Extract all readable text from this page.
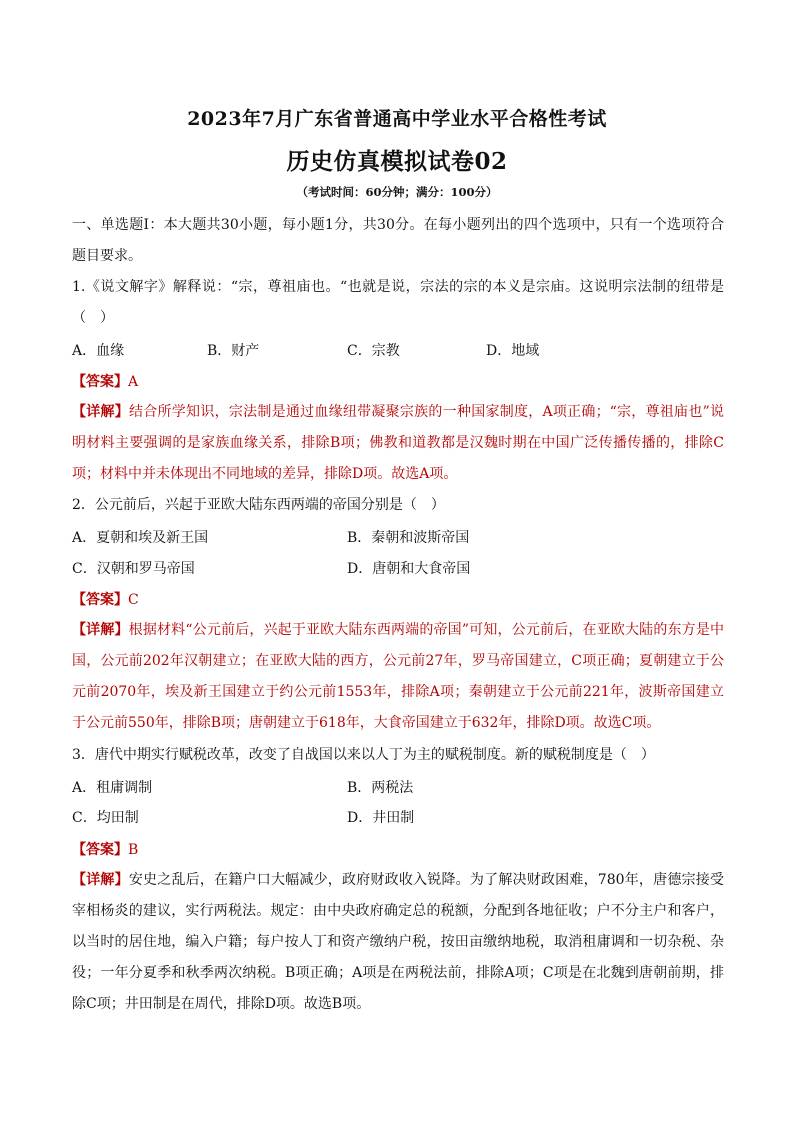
2023年7月广东省普通高中学业水平合格性考试
历史仿真模拟试卷02
（考试时间：60分钟；满分：100分）
一、单选题Ⅰ：本大题共30小题，每小题1分，共30分。在每小题列出的四个选项中，只有一个选项符合题目要求。
1.《说文解字》解释说：“宗，尊祖庙也。“也就是说，宗法的宗的本义是宗庙。这说明宗法制的纽带是（　）
A．血缘	B．财产	C．宗教	D．地域
【答案】A
【详解】结合所学知识，宗法制是通过血缘纽带凝聚宗族的一种国家制度，A项正确；“宗，尊祖庙也”说明材料主要强调的是家族血缘关系，排除B项；佛教和道教都是汉魏时期在中国广泛传播传播的，排除C项；材料中并未体现出不同地域的差异，排除D项。故选A项。
2．公元前后，兴起于亚欧大陆东西两端的帝国分别是（　）
A．夏朝和埃及新王国	B．秦朝和波斯帝国
C．汉朝和罗马帝国	D．唐朝和大食帝国
【答案】C
【详解】根据材料“公元前后，兴起于亚欧大陆东西两端的帝国”可知，公元前后，在亚欧大陆的东方是中国，公元前202年汉朝建立；在亚欧大陆的西方，公元前27年，罗马帝国建立，C项正确；夏朝建立于公元前2070年，埃及新王国建立于约公元前1553年，排除A项；秦朝建立于公元前221年，波斯帝国建立于公元前550年，排除B项；唐朝建立于618年，大食帝国建立于632年，排除D项。故选C项。
3．唐代中期实行赋税改革，改变了自战国以来以人丁为主的赋税制度。新的赋税制度是（　）
A．租庸调制	B．两税法
C．均田制	D．井田制
【答案】B
【详解】安史之乱后，在籍户口大幅减少，政府财政收入锐降。为了解决财政困难，780年，唐德宗接受宰相杨炎的建议，实行两税法。规定：由中央政府确定总的税额，分配到各地征收；户不分主户和客户，以当时的居住地，编入户籍；每户按人丁和资产缴纳户税，按田亩缴纳地税，取消租庸调和一切杂税、杂役；一年分夏季和秋季两次纳税。B项正确；A项是在两税法前，排除A项；C项是在北魏到唐朝前期，排除C项；井田制是在周代，排除D项。故选B项。
